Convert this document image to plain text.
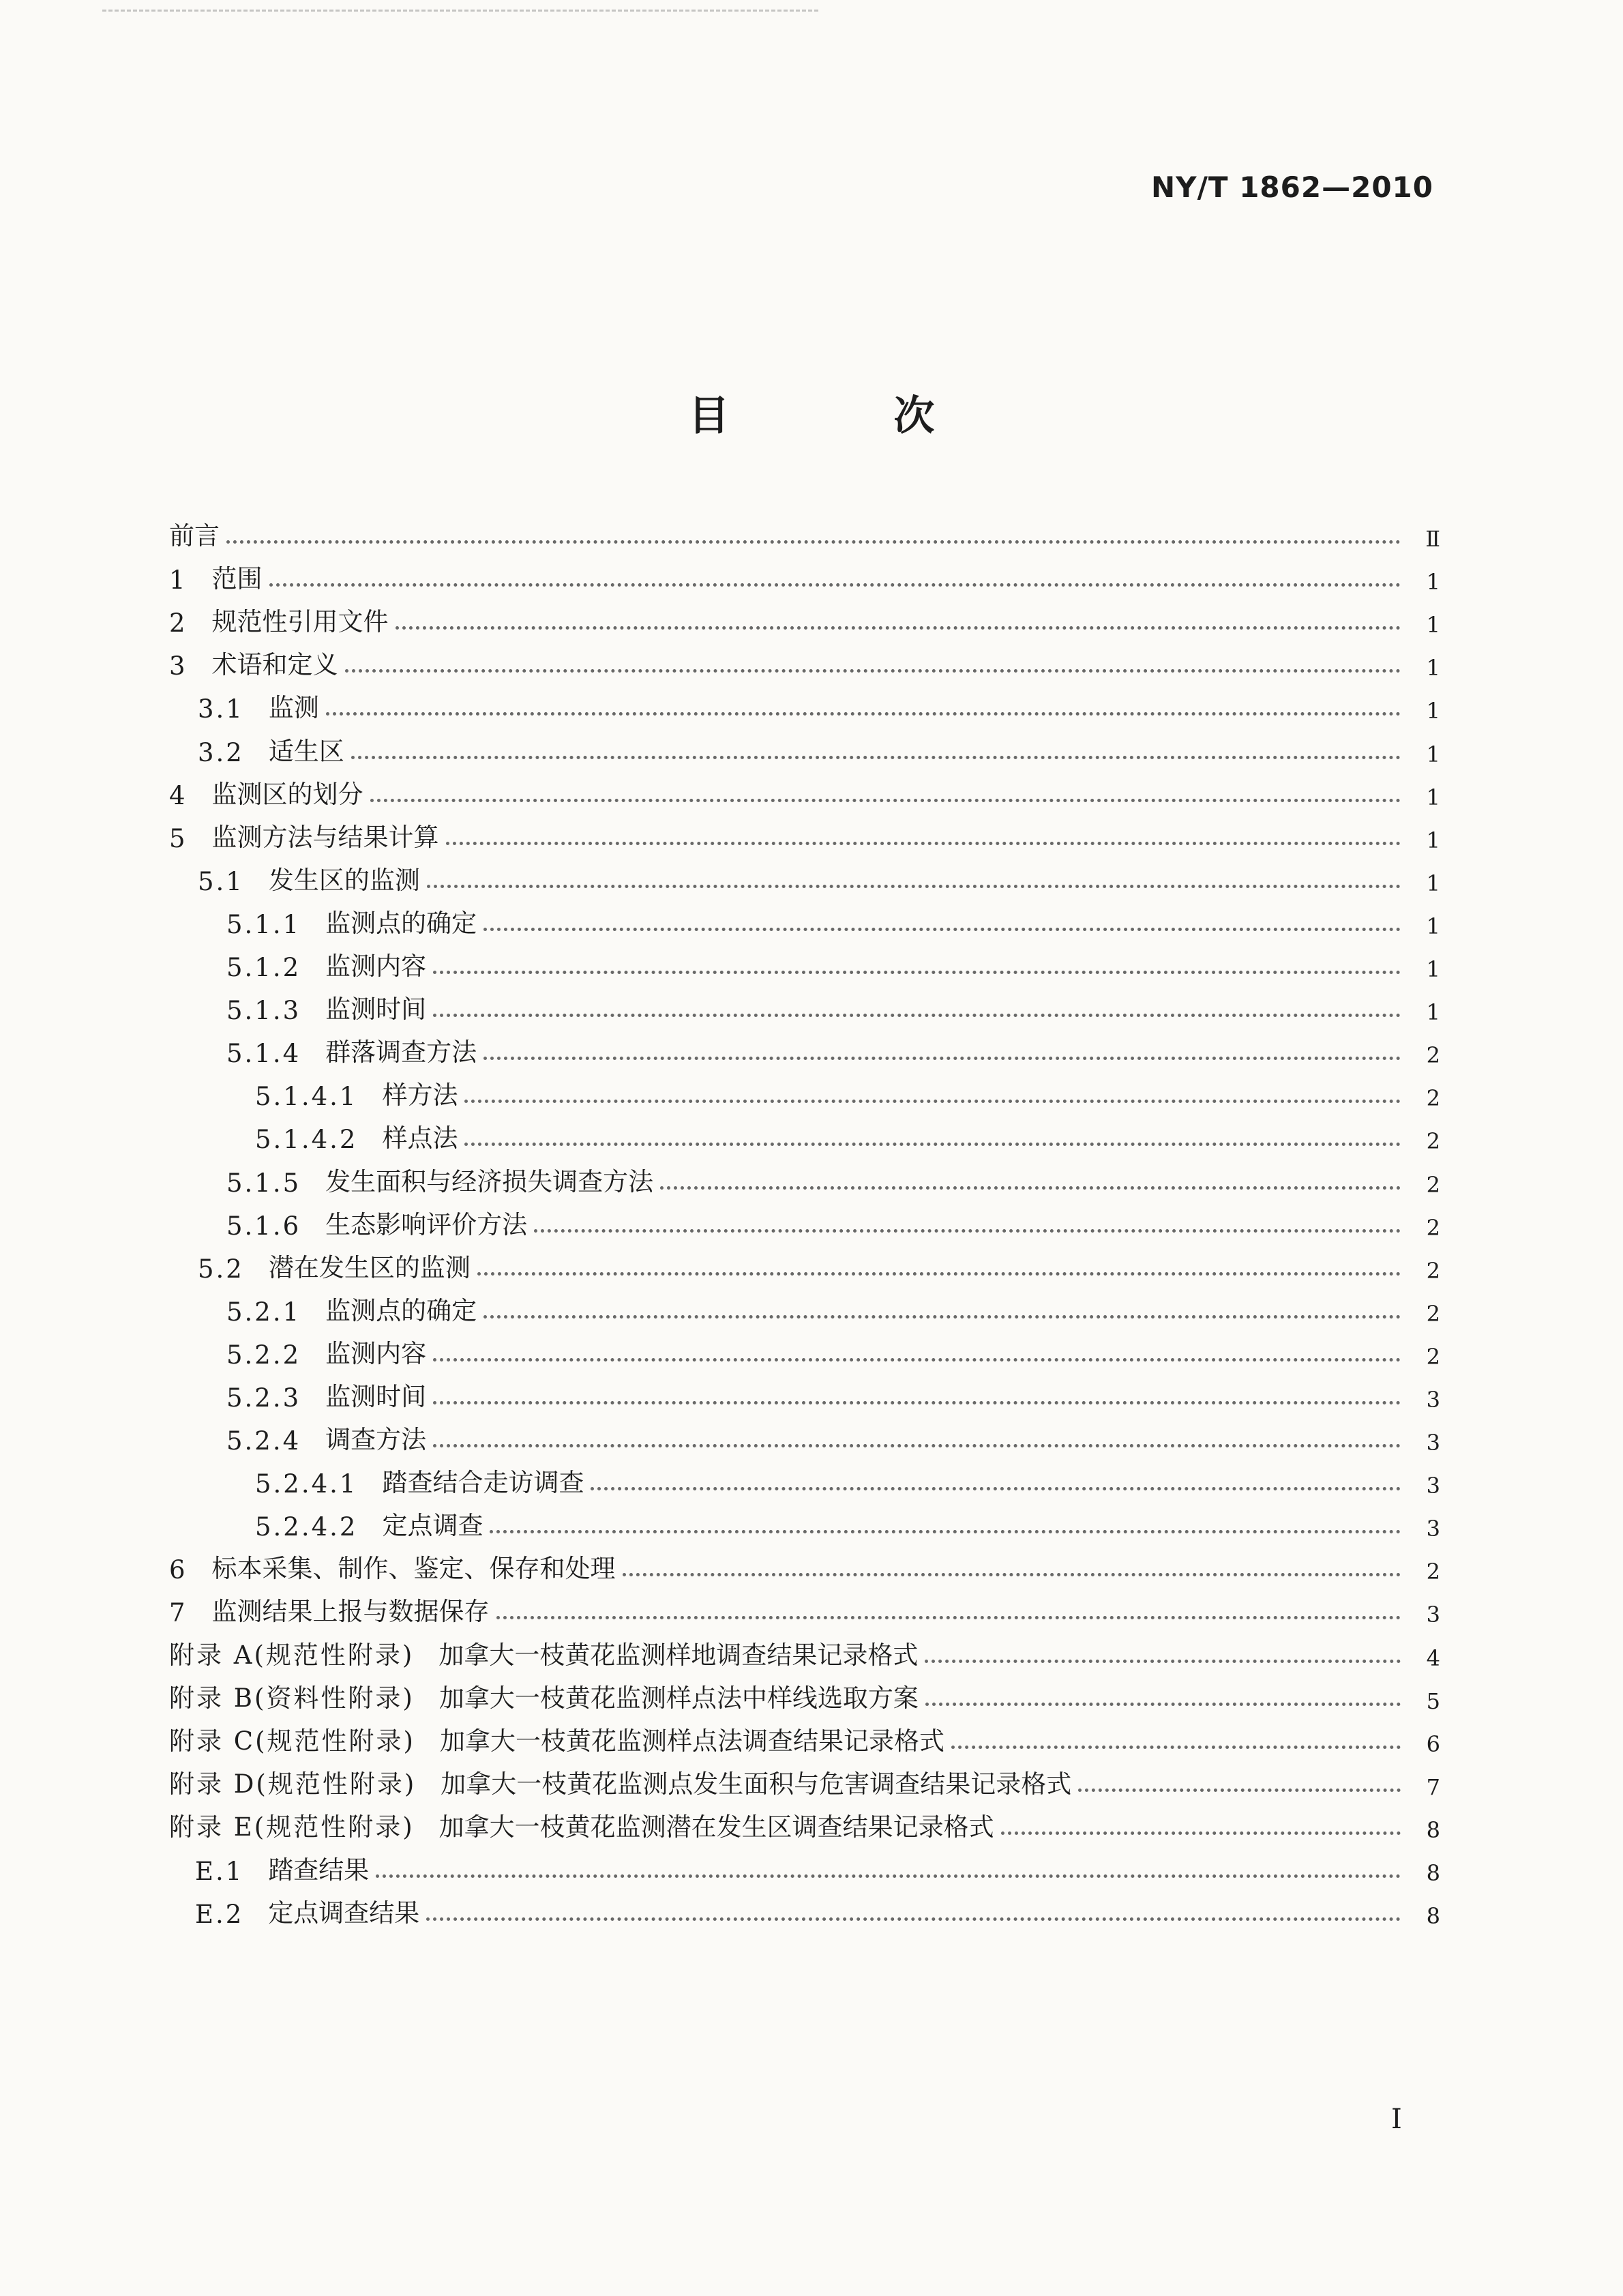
NY/T 1862—2010
目 次
前言	Ⅱ
1 范围	1
2 规范性引用文件	1
3 术语和定义	1
3.1 监测	1
3.2 适生区	1
4 监测区的划分	1
5 监测方法与结果计算	1
5.1 发生区的监测	1
5.1.1 监测点的确定	1
5.1.2 监测内容	1
5.1.3 监测时间	1
5.1.4 群落调查方法	2
5.1.4.1 样方法	2
5.1.4.2 样点法	2
5.1.5 发生面积与经济损失调查方法	2
5.1.6 生态影响评价方法	2
5.2 潜在发生区的监测	2
5.2.1 监测点的确定	2
5.2.2 监测内容	2
5.2.3 监测时间	3
5.2.4 调查方法	3
5.2.4.1 踏查结合走访调查	3
5.2.4.2 定点调查	3
6 标本采集、制作、鉴定、保存和处理	2
7 监测结果上报与数据保存	3
附录 A(规范性附录) 加拿大一枝黄花监测样地调查结果记录格式	4
附录 B(资料性附录) 加拿大一枝黄花监测样点法中样线选取方案	5
附录 C(规范性附录) 加拿大一枝黄花监测样点法调查结果记录格式	6
附录 D(规范性附录) 加拿大一枝黄花监测点发生面积与危害调查结果记录格式	7
附录 E(规范性附录) 加拿大一枝黄花监测潜在发生区调查结果记录格式	8
E.1 踏查结果	8
E.2 定点调查结果	8
I
